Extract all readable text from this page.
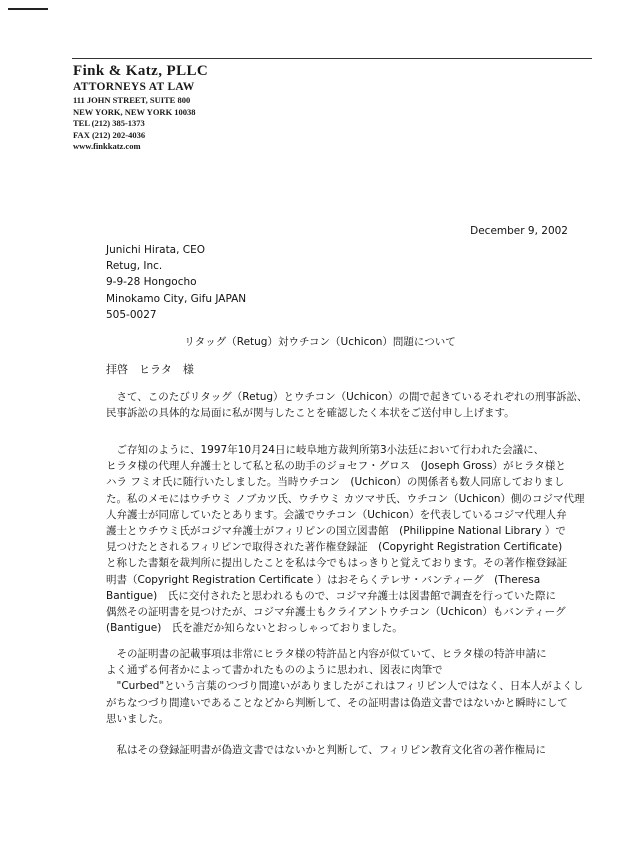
Fink & Katz, PLLC
ATTORNEYS AT LAW
111 JOHN STREET, SUITE 800
NEW YORK, NEW YORK 10038
TEL (212) 385-1373
FAX (212) 202-4036
www.finkkatz.com
December 9, 2002
Junichi Hirata, CEO
Retug, Inc.
9-9-28 Hongocho
Minokamo City, Gifu JAPAN
505-0027
リタッグ（Retug）対ウチコン（Uchicon）問題について
拝啓　ヒラタ　様
　さて、このたびリタッグ（Retug）とウチコン（Uchicon）の間で起きているそれぞれの刑事訴訟、
民事訴訟の具体的な局面に私が関与したことを確認したく本状をご送付申し上げます。
　ご存知のように、1997年10月24日に岐阜地方裁判所第3小法廷において行われた会議に、
ヒラタ様の代理人弁護士として私と私の助手のジョセフ・グロス　(Joseph Gross）がヒラタ様と
ハラ フミオ氏に随行いたしました。当時ウチコン　(Uchicon）の関係者も数人同席しておりまし
た。私のメモにはウチウミ ノブカツ氏、ウチウミ カツマサ氏、ウチコン（Uchicon）側のコジマ代理
人弁護士が同席していたとあります。会議でウチコン（Uchicon）を代表しているコジマ代理人弁
護士とウチウミ氏がコジマ弁護士がフィリピンの国立図書館　(Philippine National Library ）で
見つけたとされるフィリピンで取得された著作権登録証　(Copyright Registration Certificate)
と称した書類を裁判所に提出したことを私は今でもはっきりと覚えております。その著作権登録証
明書（Copyright Registration Certificate ）はおそらくテレサ・バンティーグ　(Theresa
Bantigue)　氏に交付されたと思われるもので、コジマ弁護士は図書館で調査を行っていた際に
偶然その証明書を見つけたが、コジマ弁護士もクライアントウチコン（Uchicon）もバンティーグ
(Bantigue)　氏を誰だか知らないとおっしゃっておりました。
　その証明書の記載事項は非常にヒラタ様の特許品と内容が似ていて、ヒラタ様の特許申請に
よく通ずる何者かによって書かれたもののように思われ、図表に肉筆で
　"Curbed"という言葉のつづり間違いがありましたがこれはフィリピン人ではなく、日本人がよくし
がちなつづり間違いであることなどから判断して、その証明書は偽造文書ではないかと瞬時にして
思いました。
　私はその登録証明書が偽造文書ではないかと判断して、フィリピン教育文化省の著作権局に
